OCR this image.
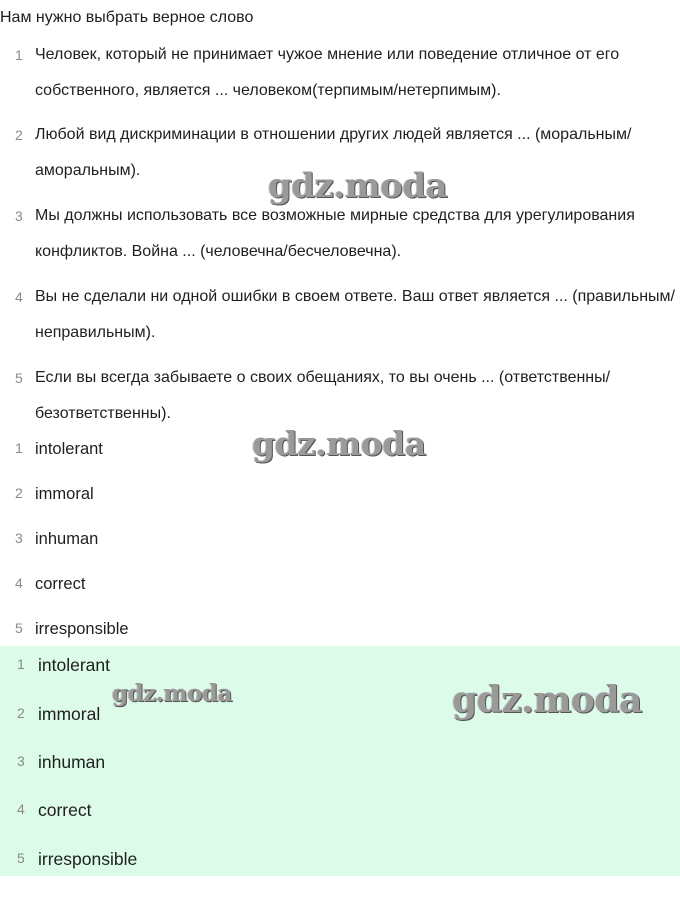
Нам нужно выбрать верное слово
1 Человек, который не принимает чужое мнение или поведение отличное от его собственного, является ... человеком(терпимым/нетерпимым).
2 Любой вид дискриминации в отношении других людей является ... (моральным/аморальным).
3 Мы должны использовать все возможные мирные средства для урегулирования конфликтов. Война ... (человечна/бесчеловечна).
4 Вы не сделали ни одной ошибки в своем ответе. Ваш ответ является ... (правильным/неправильным).
5 Если вы всегда забываете о своих обещаниях, то вы очень ... (ответственны/безответственны).
1 intolerant
2 immoral
3 inhuman
4 correct
5 irresponsible
1 intolerant
2 immoral
3 inhuman
4 correct
5 irresponsible
gdz.moda
gdz.moda
gdz.moda	gdz.moda
